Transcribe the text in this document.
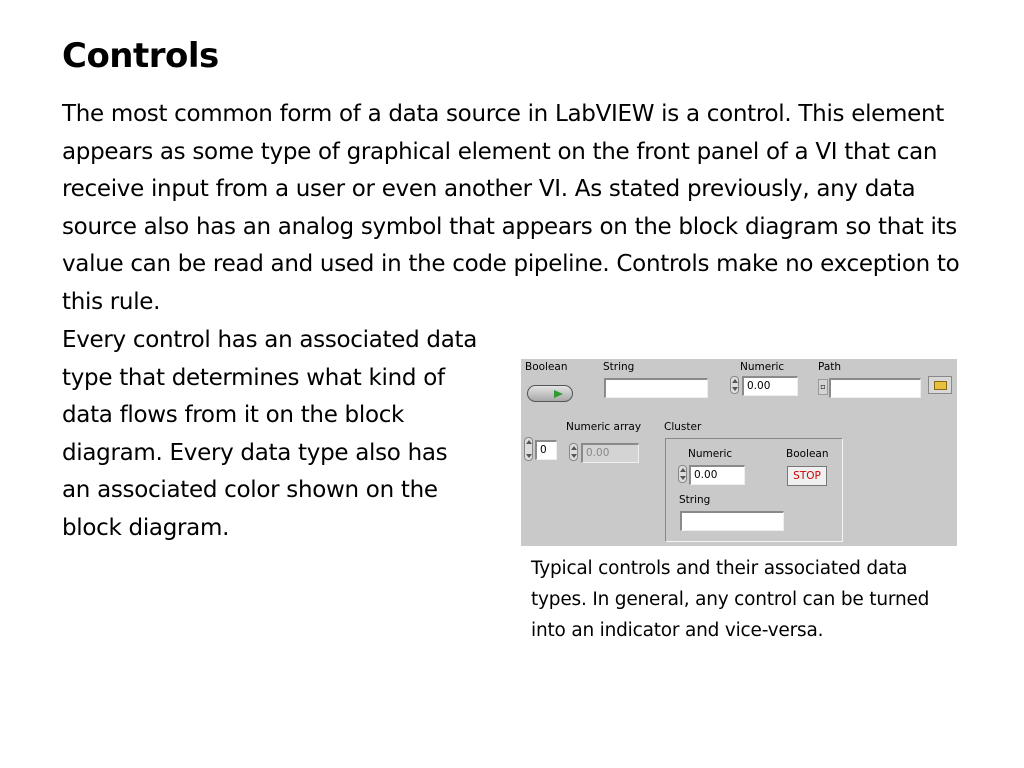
Controls
The most common form of a data source in LabVIEW is a control. This element appears as some type of graphical element on the front panel of a VI that can receive input from a user or even another VI. As stated previously, any data source also has an analog symbol that appears on the block diagram so that its value can be read and used in the code pipeline. Controls make no exception to this rule.
Every control has an associated data type that determines what kind of data flows from it on the block diagram. Every data type also has an associated color shown on the block diagram.
Boolean	String	Numeric
0.00
Path
▫
Numeric array
0	0.00
Cluster
Numeric
0.00
Boolean
STOP
String
Typical controls and their associated data types. In general, any control can be turned into an indicator and vice-versa.
